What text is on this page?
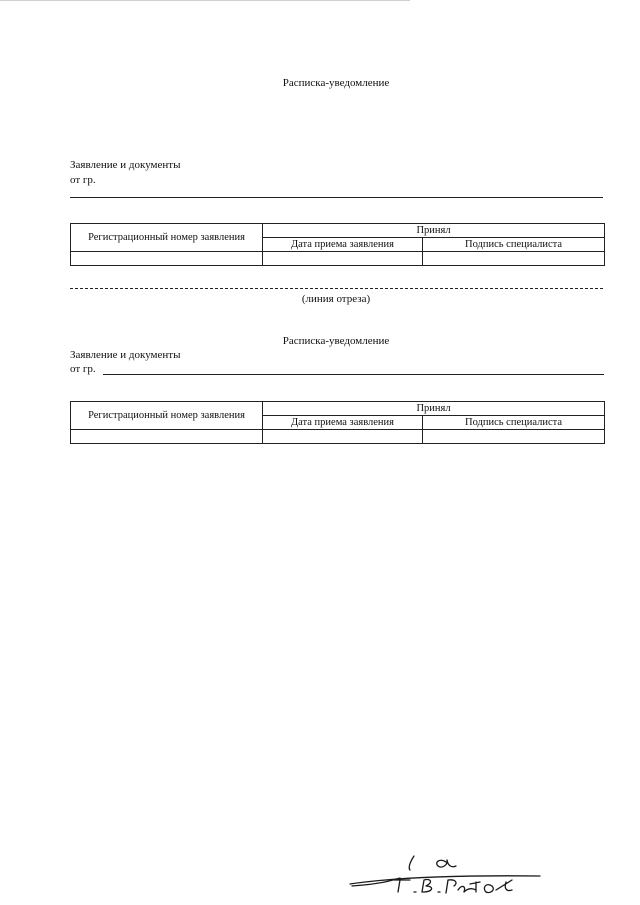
Расписка-уведомление
Заявление и документы
от гр.
Регистрационный номер заявления	Принял	
	Дата приема заявления	Подпись специалиста

(линия отреза)
Расписка-уведомление
Заявление и документы
от гр.
Регистрационный номер заявления	Принял	
	Дата приема заявления	Подпись специалиста
